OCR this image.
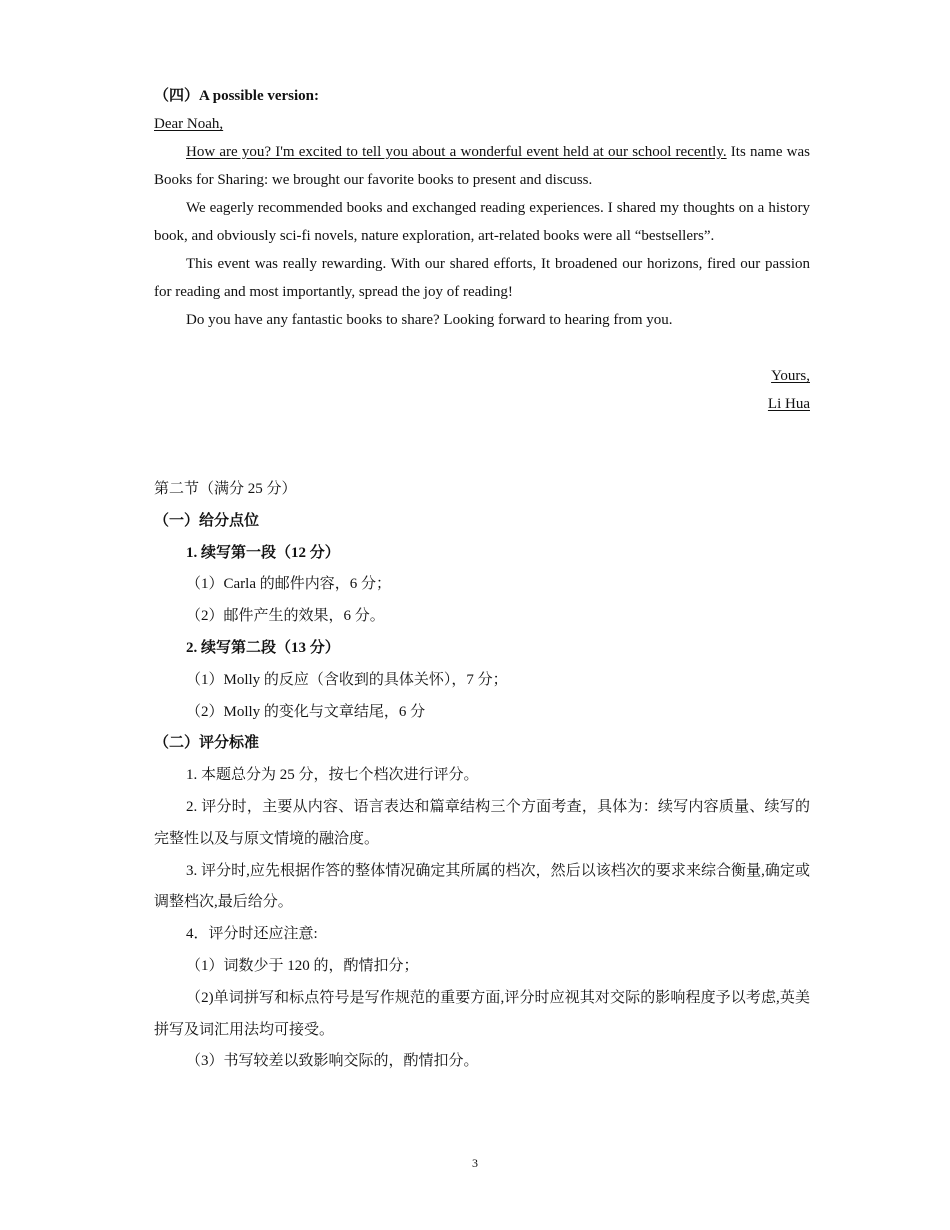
（四）A possible version:
Dear Noah,
How are you? I'm excited to tell you about a wonderful event held at our school recently. Its name was Books for Sharing: we brought our favorite books to present and discuss.
We eagerly recommended books and exchanged reading experiences. I shared my thoughts on a history book, and obviously sci-fi novels, nature exploration, art-related books were all “bestsellers”.
This event was really rewarding. With our shared efforts, It broadened our horizons, fired our passion for reading and most importantly, spread the joy of reading!
Do you have any fantastic books to share? Looking forward to hearing from you.
Yours,
Li Hua
第二节（满分 25 分）
（一）给分点位
1. 续写第一段（12 分）
（1）Carla 的邮件内容，6 分；
（2）邮件产生的效果，6 分。
2. 续写第二段（13 分）
（1）Molly 的反应（含收到的具体关怀），7 分；
（2）Molly 的变化与文章结尾，6 分
（二）评分标准
1. 本题总分为 25 分，按七个档次进行评分。
2. 评分时，主要从内容、语言表达和篇章结构三个方面考查，具体为：续写内容质量、续写的完整性以及与原文情境的融洽度。
3. 评分时,应先根据作答的整体情况确定其所属的档次，然后以该档次的要求来综合衡量,确定或调整档次,最后给分。
4．评分时还应注意:
（1）词数少于 120 的，酌情扣分；
（2)单词拼写和标点符号是写作规范的重要方面,评分时应视其对交际的影响程度予以考虑,英美拼写及词汇用法均可接受。
（3）书写较差以致影响交际的，酌情扣分。
3
